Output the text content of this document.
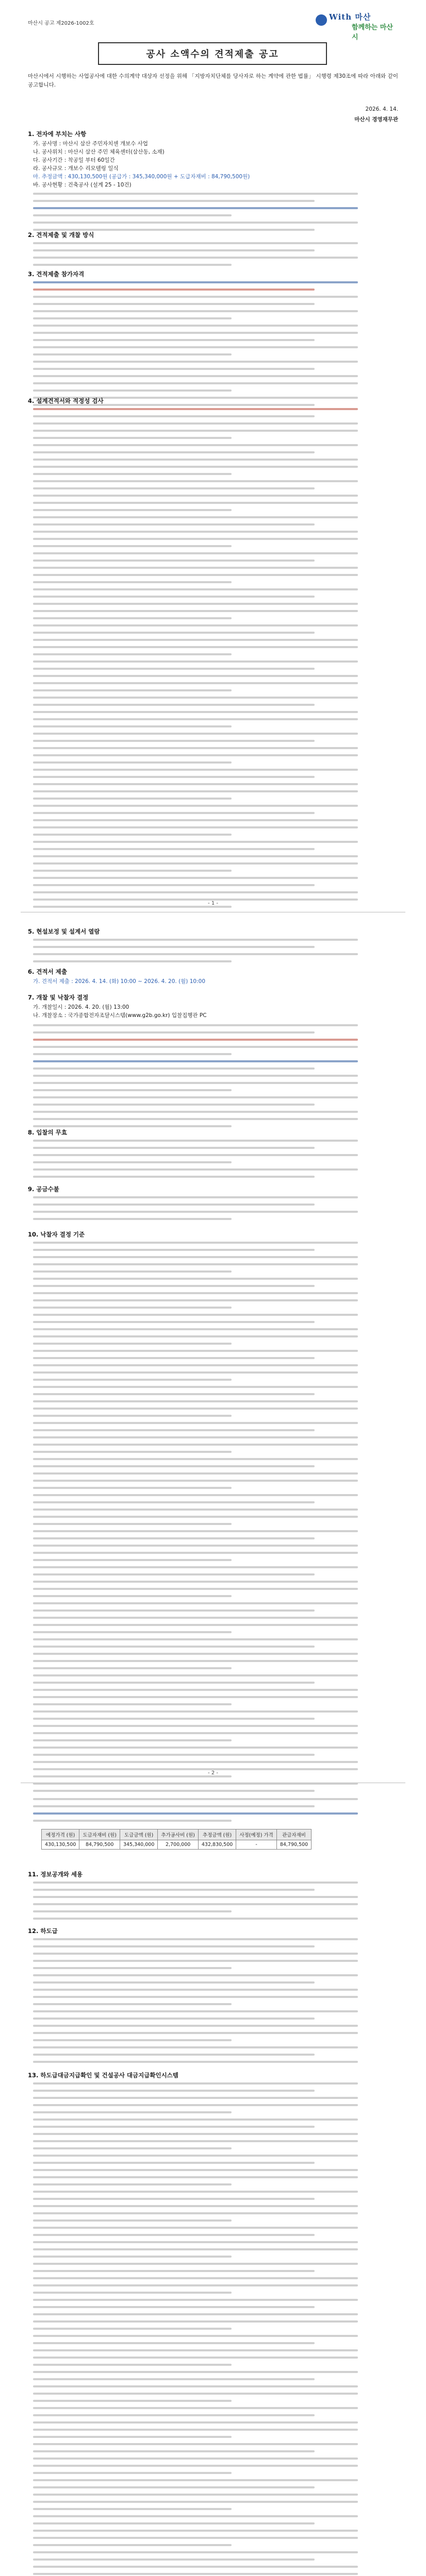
마산시 공고 제2026-1002호
With 마산
함께하는 마산시
공사 소액수의 견적제출 공고
마산시에서 시행하는 사업공사에 대한 수의계약 대상자 선정을 위해 「지방자치단체를 당사자로 하는 계약에 관한 법률」 시행령 제30조에 따라 아래와 같이 공고합니다.
2026. 4. 14.
마산시 경영재무관
1. 전자에 부치는 사항
가. 공사명 : 마산시 삼산 주민자치센 개보수 사업
나. 공사위치 : 마산시 삼산 주민 체육센터(삼산동, 소재)
다. 공사기간 : 착공일 부터 60일간
라. 공사규모 : 개보수 리모델링 일식
마. 추정금액 : 430,130,500원 (공급가 : 345,340,000원 + 도급자재비 : 84,790,500원)
바. 공사현황 : 건축공사 (설계 25 - 10건)
2. 견적제출 및 개찰 방식
3. 견적제출 참가자격
4. 설계견적서와 적정성 검사
- 1 -
5. 현설보정 및 설계서 열람
6. 견적서 제출
가. 견적서 제출 : 2026. 4. 14. (화) 10:00 ~ 2026. 4. 20. (월) 10:00
7. 개찰 및 낙찰자 결정
가. 개찰일시 : 2026. 4. 20. (월) 13:00
나. 개찰장소 : 국가종합전자조달시스템(www.g2b.go.kr) 입찰집행관 PC
8. 입찰의 무효
9. 공금수불
10. 낙찰자 결정 기준
- 2 -
예정가격 (원)	도급자재비 (원)	도급금액 (원)	추가공사비 (원)	추정금액 (원)	사정(예정) 가격	관급자재비
430,130,500	84,790,500	345,340,000	2,700,000	432,830,500	-	84,790,500
11. 정보공개와 세용
12. 하도급
13. 하도급대금지급확인 및 건설공사 대금지급확인시스템
